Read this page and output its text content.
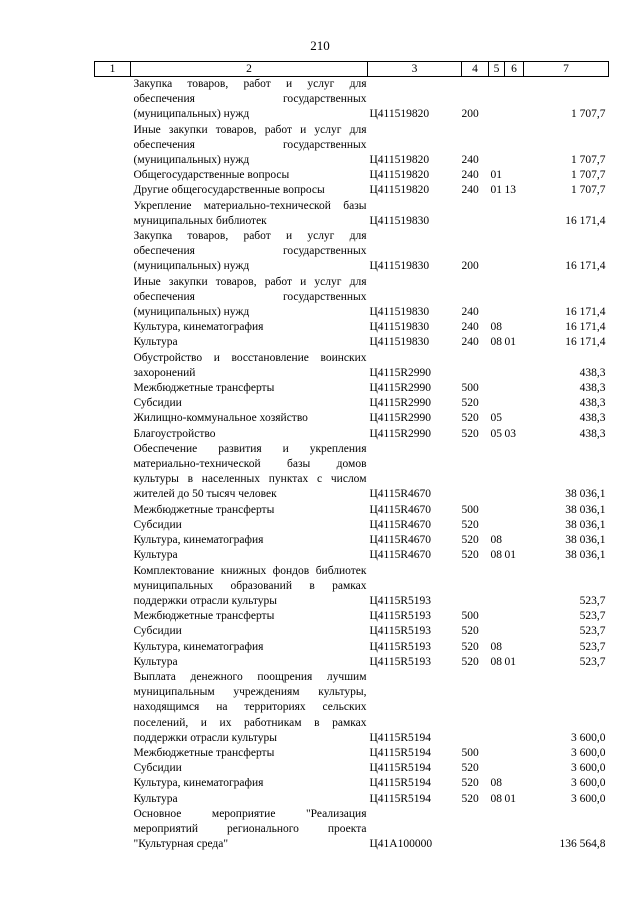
210
1	2	3	4	5	6	7
	Закупка товаров, работ и услуг для обеспечения государственных (муниципальных) нужд	Ц411519820	200			1 707,7
	Иные закупки товаров, работ и услуг для обеспечения государственных (муниципальных) нужд	Ц411519820	240			1 707,7
	Общегосударственные вопросы	Ц411519820	240	01		1 707,7
	Другие общегосударственные вопросы	Ц411519820	240	01	13	1 707,7
	Укрепление материально-технической базы муниципальных библиотек	Ц411519830				16 171,4
	Закупка товаров, работ и услуг для обеспечения государственных (муниципальных) нужд	Ц411519830	200			16 171,4
	Иные закупки товаров, работ и услуг для обеспечения государственных (муниципальных) нужд	Ц411519830	240			16 171,4
	Культура, кинематография	Ц411519830	240	08		16 171,4
	Культура	Ц411519830	240	08	01	16 171,4
	Обустройство и восстановление воинских захоронений	Ц4115R2990				438,3
	Межбюджетные трансферты	Ц4115R2990	500			438,3
	Субсидии	Ц4115R2990	520			438,3
	Жилищно-коммунальное хозяйство	Ц4115R2990	520	05		438,3
	Благоустройство	Ц4115R2990	520	05	03	438,3
	Обеспечение развития и укрепления материально-технической базы домов культуры в населенных пунктах с числом жителей до 50 тысяч человек	Ц4115R4670				38 036,1
	Межбюджетные трансферты	Ц4115R4670	500			38 036,1
	Субсидии	Ц4115R4670	520			38 036,1
	Культура, кинематография	Ц4115R4670	520	08		38 036,1
	Культура	Ц4115R4670	520	08	01	38 036,1
	Комплектование книжных фондов библиотек муниципальных образований в рамках поддержки отрасли культуры	Ц4115R5193				523,7
	Межбюджетные трансферты	Ц4115R5193	500			523,7
	Субсидии	Ц4115R5193	520			523,7
	Культура, кинематография	Ц4115R5193	520	08		523,7
	Культура	Ц4115R5193	520	08	01	523,7
	Выплата денежного поощрения лучшим муниципальным учреждениям культуры, находящимся на территориях сельских поселений, и их работникам в рамках поддержки отрасли культуры	Ц4115R5194				3 600,0
	Межбюджетные трансферты	Ц4115R5194	500			3 600,0
	Субсидии	Ц4115R5194	520			3 600,0
	Культура, кинематография	Ц4115R5194	520	08		3 600,0
	Культура	Ц4115R5194	520	08	01	3 600,0
	Основное мероприятие "Реализация мероприятий регионального проекта "Культурная среда"	Ц41A100000				136 564,8
